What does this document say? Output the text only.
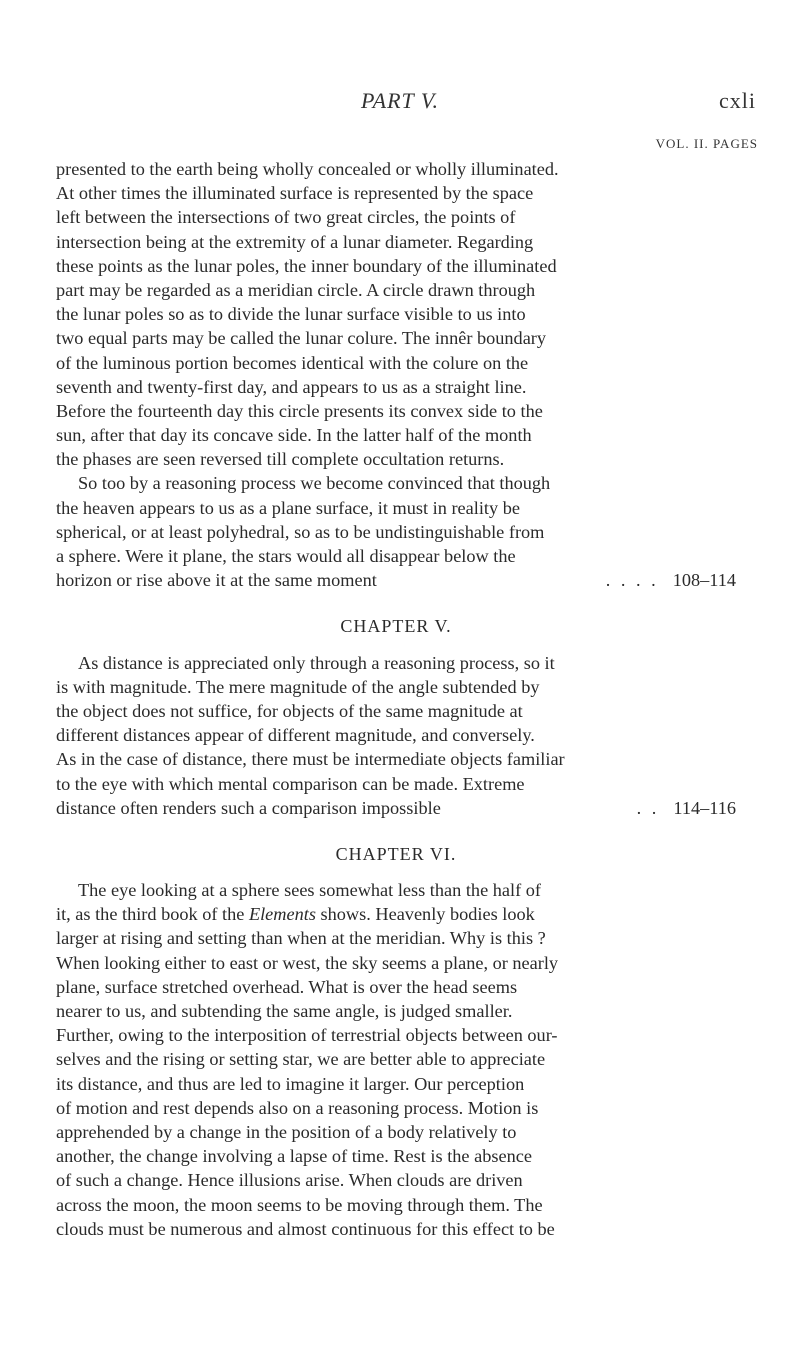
PART V.	cxli
VOL. II. PAGES
presented to the earth being wholly concealed or wholly illuminated.
At other times the illuminated surface is represented by the space
left between the intersections of two great circles, the points of
intersection being at the extremity of a lunar diameter. Regarding
these points as the lunar poles, the inner boundary of the illuminated
part may be regarded as a meridian circle. A circle drawn through
the lunar poles so as to divide the lunar surface visible to us into
two equal parts may be called the lunar colure. The innêr boundary
of the luminous portion becomes identical with the colure on the
seventh and twenty-first day, and appears to us as a straight line.
Before the fourteenth day this circle presents its convex side to the
sun, after that day its concave side. In the latter half of the month
the phases are seen reversed till complete occultation returns.
So too by a reasoning process we become convinced that though
the heaven appears to us as a plane surface, it must in reality be
spherical, or at least polyhedral, so as to be undistinguishable from
a sphere. Were it plane, the stars would all disappear below the
horizon or rise above it at the same moment	. . . . 108–114
CHAPTER V.
As distance is appreciated only through a reasoning process, so it
is with magnitude. The mere magnitude of the angle subtended by
the object does not suffice, for objects of the same magnitude at
different distances appear of different magnitude, and conversely.
As in the case of distance, there must be intermediate objects familiar
to the eye with which mental comparison can be made. Extreme
distance often renders such a comparison impossible	. . 114–116
CHAPTER VI.
The eye looking at a sphere sees somewhat less than the half of
it, as the third book of the Elements shows. Heavenly bodies look
larger at rising and setting than when at the meridian. Why is this ?
When looking either to east or west, the sky seems a plane, or nearly
plane, surface stretched overhead. What is over the head seems
nearer to us, and subtending the same angle, is judged smaller.
Further, owing to the interposition of terrestrial objects between our-
selves and the rising or setting star, we are better able to appreciate
its distance, and thus are led to imagine it larger. Our perception
of motion and rest depends also on a reasoning process. Motion is
apprehended by a change in the position of a body relatively to
another, the change involving a lapse of time. Rest is the absence
of such a change. Hence illusions arise. When clouds are driven
across the moon, the moon seems to be moving through them. The
clouds must be numerous and almost continuous for this effect to be
